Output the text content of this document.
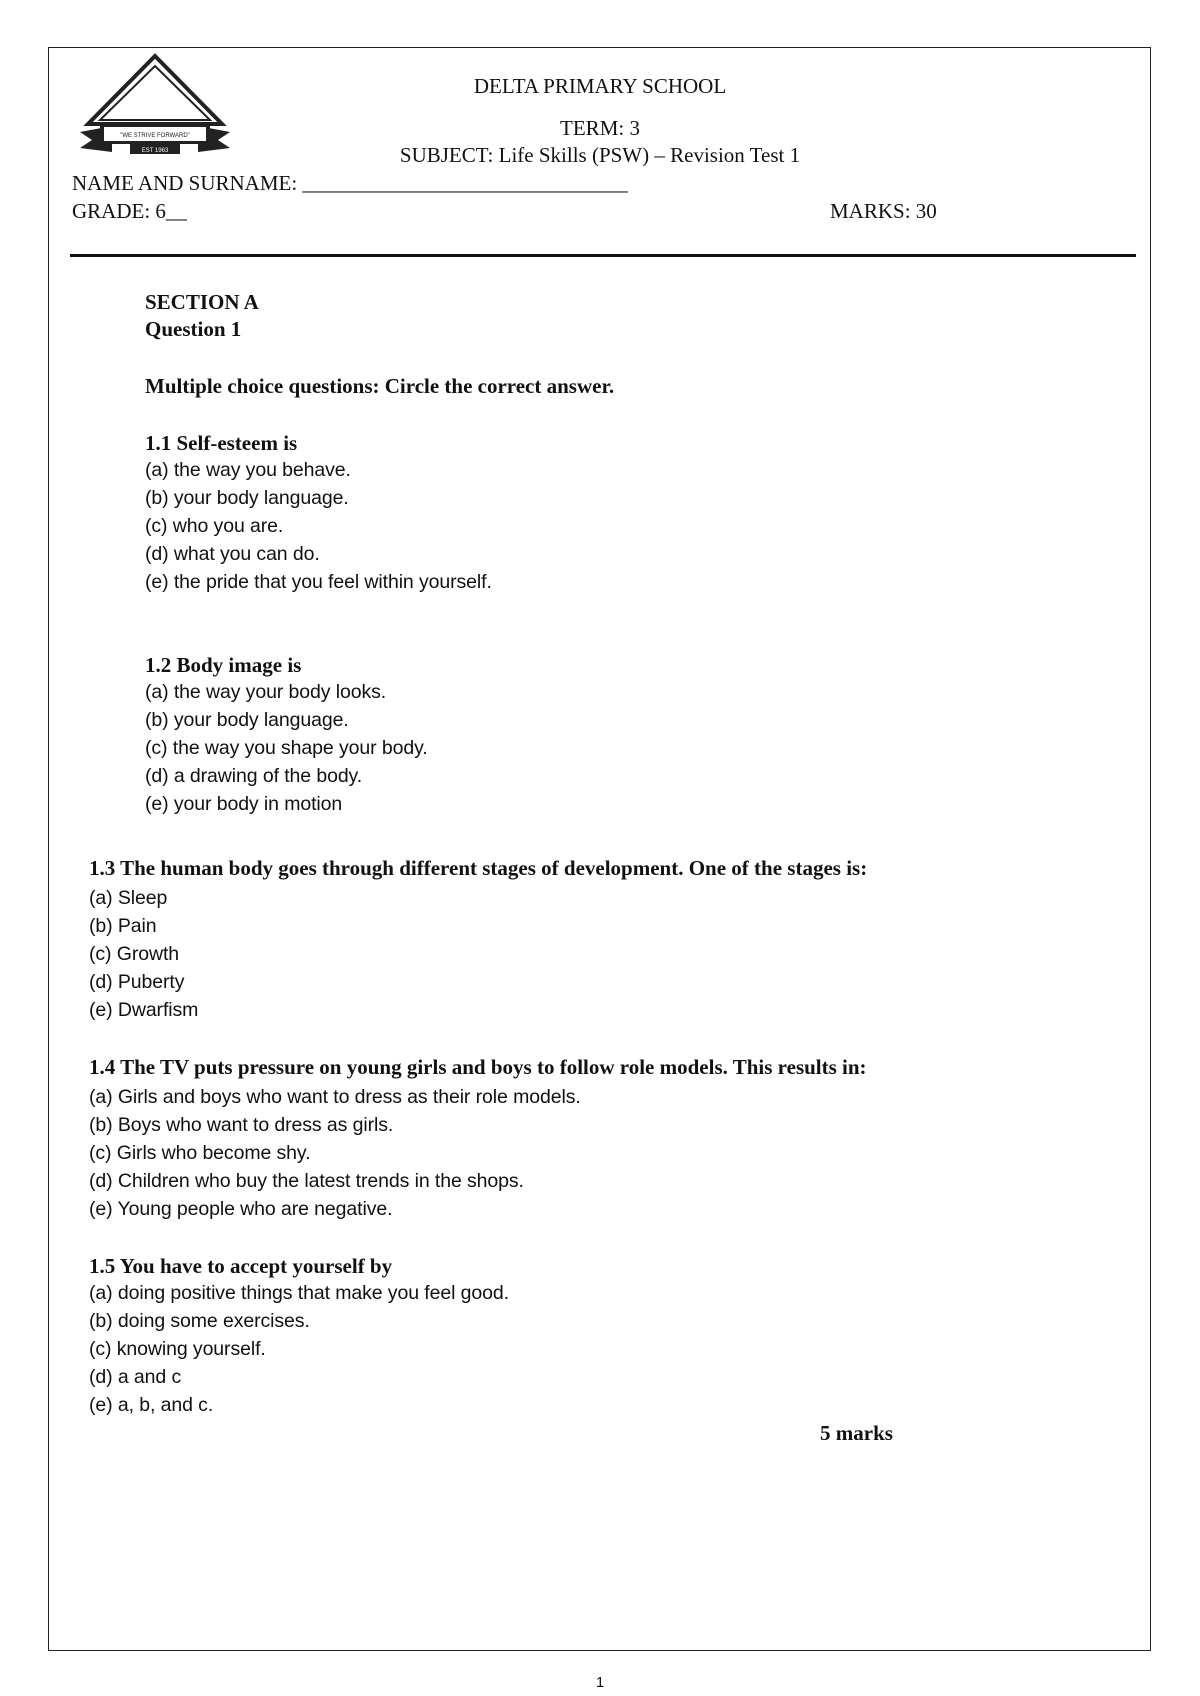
"WE STRIVE FORWARD"
EST 1963
DELTA PRIMARY SCHOOL
TERM: 3
SUBJECT: Life Skills (PSW) – Revision Test 1
NAME AND SURNAME: _______________________________
GRADE: 6__	MARKS: 30
SECTION A
Question 1
Multiple choice questions: Circle the correct answer.
1.1 Self-esteem is
(a) the way you behave.
(b) your body language.
(c) who you are.
(d) what you can do.
(e) the pride that you feel within yourself.
1.2 Body image is
(a) the way your body looks.
(b) your body language.
(c) the way you shape your body.
(d) a drawing of the body.
(e) your body in motion
1.3 The human body goes through different stages of development. One of the stages is:
(a) Sleep
(b) Pain
(c) Growth
(d) Puberty
(e) Dwarfism
1.4 The TV puts pressure on young girls and boys to follow role models. This results in:
(a) Girls and boys who want to dress as their role models.
(b) Boys who want to dress as girls.
(c) Girls who become shy.
(d) Children who buy the latest trends in the shops.
(e) Young people who are negative.
1.5 You have to accept yourself by
(a) doing positive things that make you feel good.
(b) doing some exercises.
(c) knowing yourself.
(d) a and c
(e) a, b, and c.
5 marks
1
